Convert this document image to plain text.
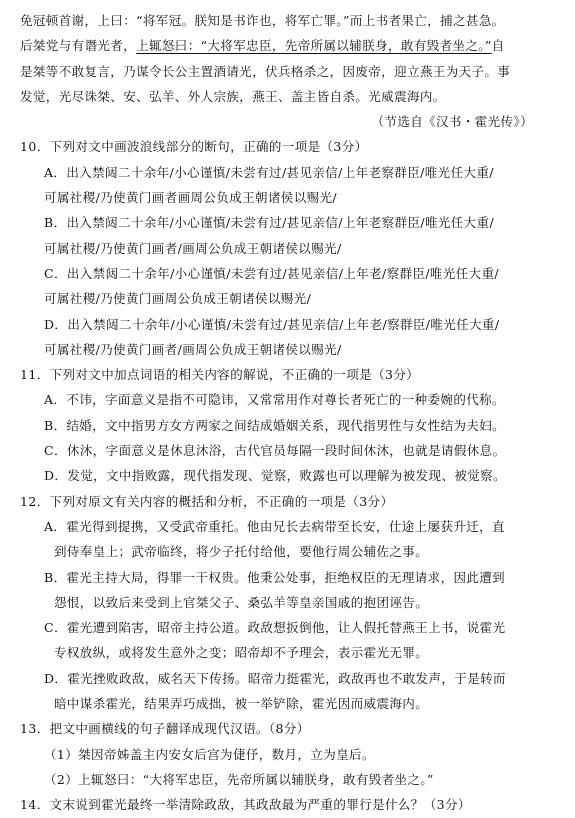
免冠顿首谢，上曰：“将军冠。朕知是书诈也，将军亡罪。”而上书者果亡，捕之甚急。
后桀党与有谮光者，上辄怒曰：“大将军忠臣，先帝所属以辅朕身，敢有毁者坐之。”自
是桀等不敢复言，乃谋令长公主置酒请光，伏兵格杀之，因废帝，迎立燕王为天子。事
发觉，光尽诛桀、安、弘羊、外人宗族，燕王、盖主皆自杀。光威震海内。
（节选自《汉书・霍光传》）
10．下列对文中画波浪线部分的断句，正确的一项是（3分）
A．出入禁闼二十余年/小心谨慎/未尝有过/甚见亲信/上年老察群臣/唯光任大重/
可属社稷/乃使黄门画者画周公负成王朝诸侯以赐光/
B．出入禁闼二十余年/小心谨慎/未尝有过/甚见亲信/上年老察群臣/唯光任大重/
可属社稷/乃使黄门画者/画周公负成王朝诸侯以赐光/
C．出入禁闼二十余年/小心谨慎/未尝有过/甚见亲信/上年老/察群臣/唯光任大重/
可属社稷/乃使黄门画周公负成王朝诸侯以赐光/
D．出入禁闼二十余年/小心谨慎/未尝有过/甚见亲信/上年老/察群臣/唯光任大重/
可属社稷/乃使黄门画者/画周公负成王朝诸侯以赐光/
11．下列对文中加点词语的相关内容的解说，不正确的一项是（3分）
A．不讳，字面意义是指不可隐讳，又常常用作对尊长者死亡的一种委婉的代称。
B．结婚，文中指男方女方两家之间结成婚姻关系，现代指男性与女性结为夫妇。
C．休沐，字面意义是休息沐浴，古代官员每隔一段时间休沐，也就是请假休息。
D．发觉，文中指败露，现代指发现、觉察，败露也可以理解为被发现、被觉察。
12．下列对原文有关内容的概括和分析，不正确的一项是（3分）
A．霍光得到提携，又受武帝重托。他由兄长去病带至长安，仕途上屡获升迁，直
到侍奉皇上；武帝临终，将少子托付给他，要他行周公辅佐之事。
B．霍光主持大局，得罪一干权贵。他秉公处事，拒绝权臣的无理请求，因此遭到
怨恨，以致后来受到上官桀父子、桑弘羊等皇亲国戚的抱团诬告。
C．霍光遭到陷害，昭帝主持公道。政敌想扳倒他，让人假托替燕王上书，说霍光
专权放纵，或将发生意外之变；昭帝却不予理会，表示霍光无罪。
D．霍光挫败政敌，威名天下传扬。昭帝力挺霍光，政敌再也不敢发声，于是转而
暗中谋杀霍光，结果弄巧成拙，被一举铲除，霍光因而威震海内。
13．把文中画横线的句子翻译成现代汉语。（8分）
（1）桀因帝姊盖主内安女后宫为倢伃，数月，立为皇后。
（2）上辄怒曰：“大将军忠臣，先帝所属以辅朕身，敢有毁者坐之。”
14．文末说到霍光最终一举清除政敌，其政敌最为严重的罪行是什么？（3分）
